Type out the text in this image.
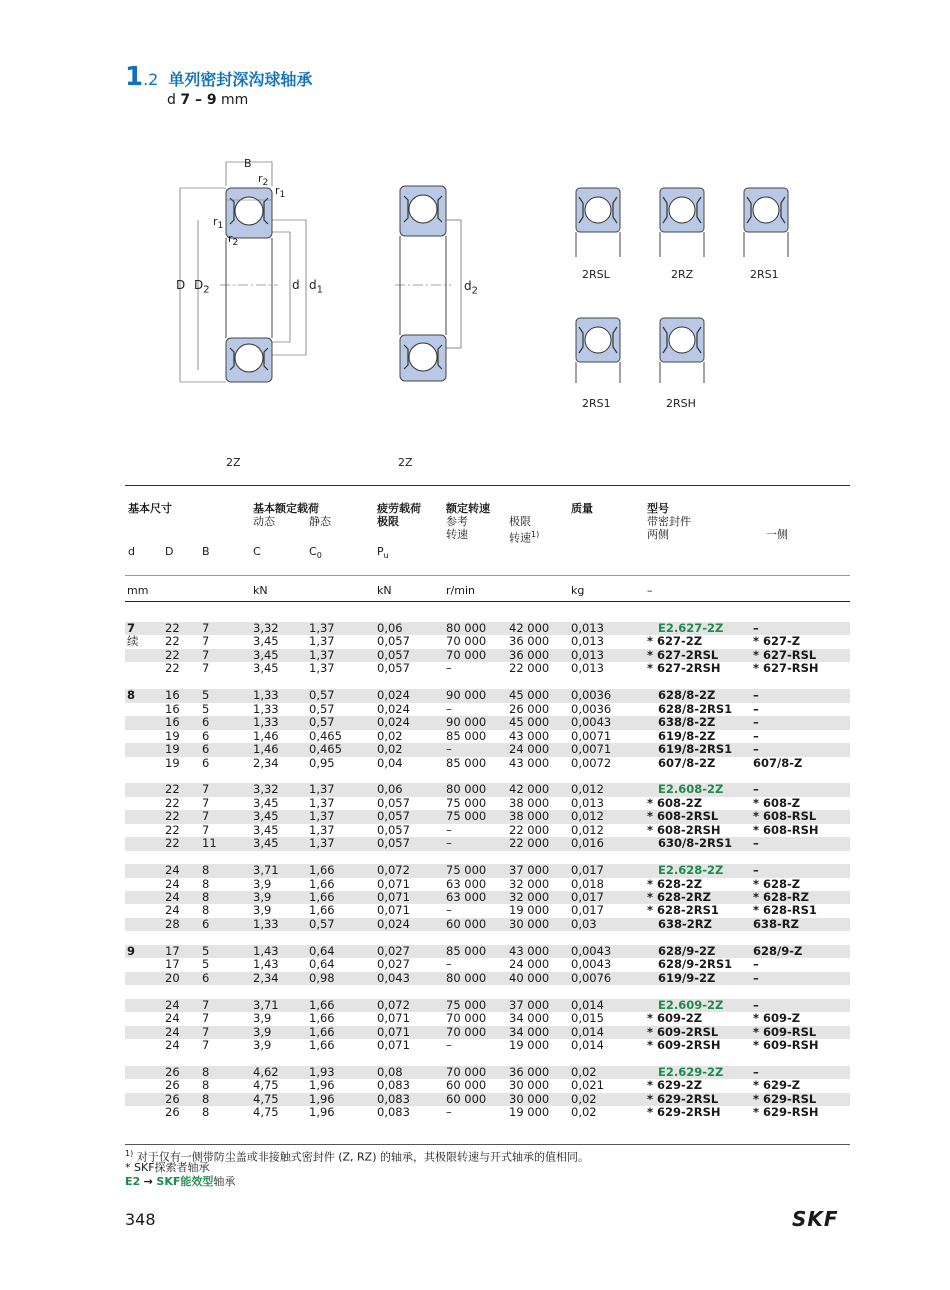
1.2 单列密封深沟球轴承
d 7 – 9 mm
B
$r_2$
$r_1$
$r_1$
$r_2$
D $D_2$	d $d_1$	$d_2$
2RSL	2RZ	2RS1
2RS1	2RSH
2Z	2Z
基本尺寸	基本额定载荷
动态	静态
疲劳载荷
极限
额定转速
参考
转速
极限
转速$^{1)}$
质量	型号
带密封件
两侧	一侧
d	D	B	C	$C_0$	$P_u$
mm	kN	kN	r/min	kg	–
7	22	7	3,32	1,37	0,06	80 000	42 000	0,013	E2.627-2Z	–
续	22	7	3,45	1,37	0,057	70 000	36 000	0,013	* 627-2Z	* 627-Z
	22	7	3,45	1,37	0,057	70 000	36 000	0,013	* 627-2RSL	* 627-RSL
	22	7	3,45	1,37	0,057	–	22 000	0,013	* 627-2RSH	* 627-RSH

8	16	5	1,33	0,57	0,024	90 000	45 000	0,0036	628/8-2Z	–
	16	5	1,33	0,57	0,024	–	26 000	0,0036	628/8-2RS1	–
	16	6	1,33	0,57	0,024	90 000	45 000	0,0043	638/8-2Z	–
	19	6	1,46	0,465	0,02	85 000	43 000	0,0071	619/8-2Z	–
	19	6	1,46	0,465	0,02	–	24 000	0,0071	619/8-2RS1	–
	19	6	2,34	0,95	0,04	85 000	43 000	0,0072	607/8-2Z	607/8-Z

	22	7	3,32	1,37	0,06	80 000	42 000	0,012	E2.608-2Z	–
	22	7	3,45	1,37	0,057	75 000	38 000	0,013	* 608-2Z	* 608-Z
	22	7	3,45	1,37	0,057	75 000	38 000	0,012	* 608-2RSL	* 608-RSL
	22	7	3,45	1,37	0,057	–	22 000	0,012	* 608-2RSH	* 608-RSH
	22	11	3,45	1,37	0,057	–	22 000	0,016	630/8-2RS1	–

	24	8	3,71	1,66	0,072	75 000	37 000	0,017	E2.628-2Z	–
	24	8	3,9	1,66	0,071	63 000	32 000	0,018	* 628-2Z	* 628-Z
	24	8	3,9	1,66	0,071	63 000	32 000	0,017	* 628-2RZ	* 628-RZ
	24	8	3,9	1,66	0,071	–	19 000	0,017	* 628-2RS1	* 628-RS1
	28	6	1,33	0,57	0,024	60 000	30 000	0,03	638-2RZ	638-RZ

9	17	5	1,43	0,64	0,027	85 000	43 000	0,0043	628/9-2Z	628/9-Z
	17	5	1,43	0,64	0,027	–	24 000	0,0043	628/9-2RS1	–
	20	6	2,34	0,98	0,043	80 000	40 000	0,0076	619/9-2Z	–

	24	7	3,71	1,66	0,072	75 000	37 000	0,014	E2.609-2Z	–
	24	7	3,9	1,66	0,071	70 000	34 000	0,015	* 609-2Z	* 609-Z
	24	7	3,9	1,66	0,071	70 000	34 000	0,014	* 609-2RSL	* 609-RSL
	24	7	3,9	1,66	0,071	–	19 000	0,014	* 609-2RSH	* 609-RSH

	26	8	4,62	1,93	0,08	70 000	36 000	0,02	E2.629-2Z	–
	26	8	4,75	1,96	0,083	60 000	30 000	0,021	* 629-2Z	* 629-Z
	26	8	4,75	1,96	0,083	60 000	30 000	0,02	* 629-2RSL	* 629-RSL
	26	8	4,75	1,96	0,083	–	19 000	0,02	* 629-2RSH	* 629-RSH
$^{1)}$ 对于仅有一侧带防尘盖或非接触式密封件 (Z, RZ) 的轴承，其极限转速与开式轴承的值相同。
* SKF探索者轴承
E2 → SKF能效型轴承
348	SKF
